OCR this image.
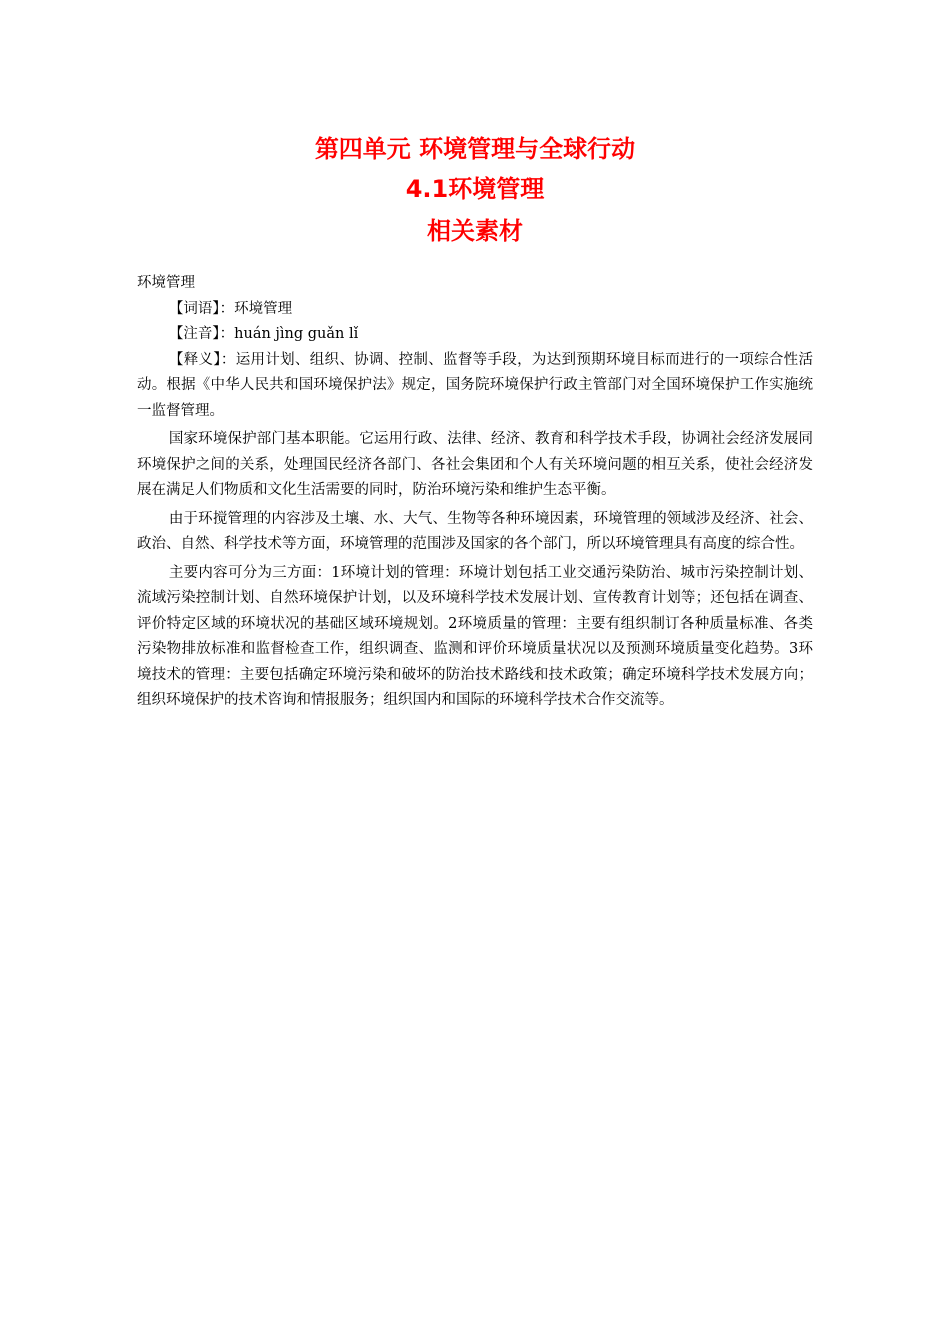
第四单元 环境管理与全球行动

4.1环境管理

相关素材

环境管理

【词语】：环境管理

【注音】：huán jìng guǎn lǐ

【释义】：运用计划、组织、协调、控制、监督等手段，为达到预期环境目标而进行的一项综合性活动。根据《中华人民共和国环境保护法》规定，国务院环境保护行政主管部门对全国环境保护工作实施统一监督管理。

国家环境保护部门基本职能。它运用行政、法律、经济、教育和科学技术手段，协调社会经济发展同环境保护之间的关系，处理国民经济各部门、各社会集团和个人有关环境问题的相互关系，使社会经济发展在满足人们物质和文化生活需要的同时，防治环境污染和维护生态平衡。

由于环搅管理的内容涉及土壤、水、大气、生物等各种环境因素，环境管理的领域涉及经济、社会、政治、自然、科学技术等方面，环境管理的范围涉及国家的各个部门，所以环境管理具有高度的综合性。

主要内容可分为三方面：1环境计划的管理：环境计划包括工业交通污染防治、城市污染控制计划、流域污染控制计划、自然环境保护计划，以及环境科学技术发展计划、宣传教育计划等；还包括在调查、评价特定区域的环境状况的基础区域环境规划。2环境质量的管理：主要有组织制订各种质量标准、各类污染物排放标准和监督检查工作，组织调查、监测和评价环境质量状况以及预测环境质量变化趋势。3环境技术的管理：主要包括确定环境污染和破坏的防治技术路线和技术政策；确定环境科学技术发展方向；组织环境保护的技术咨询和情报服务；组织国内和国际的环境科学技术合作交流等。
